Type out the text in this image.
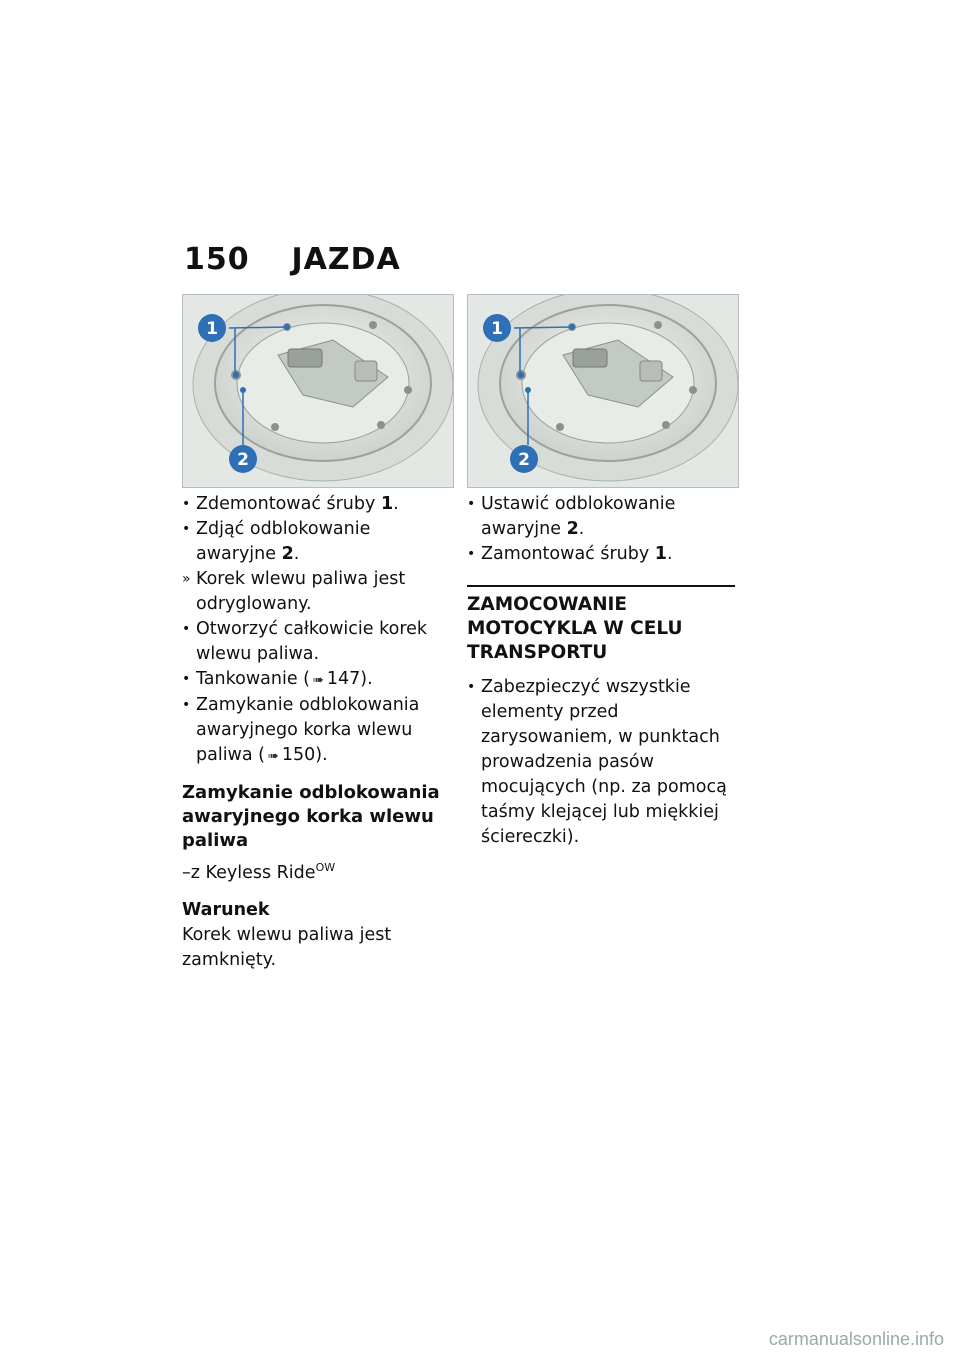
150 JAZDA
1
2
1
2
• Zdemontować śruby 1.
• Zdjąć odblokowanie awaryjne 2.
» Korek wlewu paliwa jest odryglowany.
• Otworzyć całkowicie korek wlewu paliwa.
• Tankowanie ( ➠ 147).
• Zamykanie odblokowania awaryjnego korka wlewu paliwa ( ➠ 150).
Zamykanie odblokowania awaryjnego korka wlewu paliwa
–z Keyless Ride$^{OW}$
Warunek
Korek wlewu paliwa jest zamknięty.
• Ustawić odblokowanie awaryjne 2.
• Zamontować śruby 1.
ZAMOCOWANIE MOTOCYKLA W CELU TRANSPORTU
• Zabezpieczyć wszystkie elementy przed zarysowaniem, w punktach prowadzenia pasów mocujących (np. za pomocą taśmy klejącej lub miękkiej ściereczki).
carmanualsonline.info
